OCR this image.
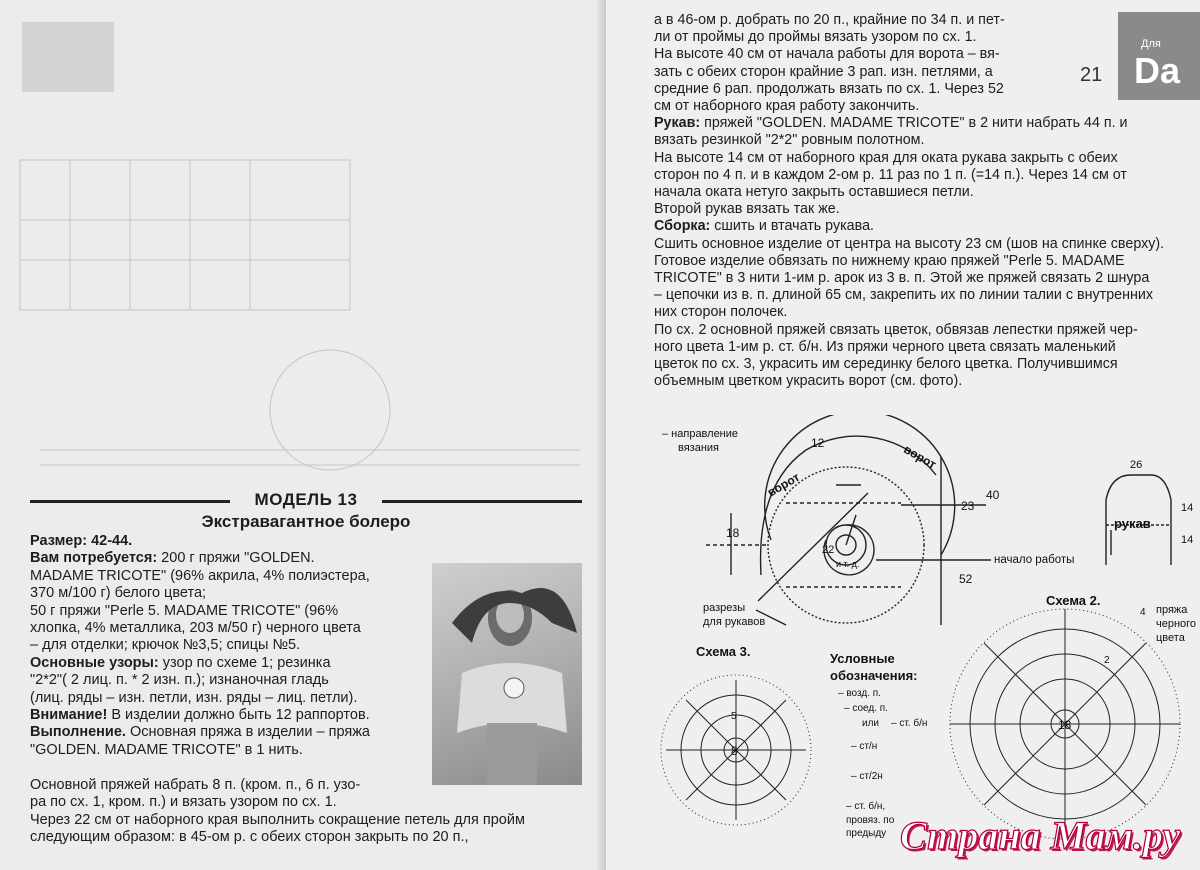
МОДЕЛЬ 13
Экстравагантное болеро

Размер: 42-44.

Вам потребуется: 200 г пряжи "GOLDEN.

MADAME TRICOTE" (96% акрила, 4% полиэстера,

370 м/100 г) белого цвета;

50 г пряжи "Perle 5. MADAME TRICOTE" (96%

хлопка, 4% металлика, 203 м/50 г) черного цвета

– для отделки; крючок №3,5; спицы №5.

Основные узоры: узор по схеме 1; резинка

"2*2"( 2 лиц. п. * 2 изн. п.); изнаночная гладь

(лиц. ряды – изн. петли, изн. ряды – лиц. петли).

Внимание! В изделии должно быть 12 раппортов.

Выполнение. Основная пряжа в изделии – пряжа

"GOLDEN. MADAME TRICOTE" в 1 нить.

Основной пряжей набрать 8 п. (кром. п., 6 п. узо-

ра по сх. 1, кром. п.) и вязать узором по сх. 1.

Через 22 см от наборного края выполнить сокращение петель для пройм

следующим образом: в 45-ом р. с обеих сторон закрыть по 20 п.,

а в 46-ом р. добрать по 20 п., крайние по 34 п. и пет-

ли от проймы до проймы вязать узором по сх. 1.

На высоте 40 см от начала работы для ворота – вя-

зать с обеих сторон крайние 3 рап. изн. петлями, а

средние 6 рап. продолжать вязать по сх. 1. Через 52

см от наборного края работу закончить.

Рукав: пряжей "GOLDEN. MADAME TRICOTE" в 2 нити набрать 44 п. и

вязать резинкой "2*2" ровным полотном.

На высоте 14 см от наборного края для оката рукава закрыть с обеих

сторон по 4 п. и в каждом 2-ом р. 11 раз по 1 п. (=14 п.). Через 14 см от

начала оката нетуго закрыть оставшиеся петли.

Второй рукав вязать так же.

Сборка: сшить и втачать рукава.

Сшить основное изделие от центра на высоту 23 см (шов на спинке сверху).

Готовое изделие обвязать по нижнему краю пряжей "Perle 5. MADAME

TRICOTE" в 3 нити 1-им р. арок из 3 в. п. Этой же пряжей связать 2 шнура

– цепочки из в. п. длиной 65 см, закрепить их по линии талии с внутренних

них сторон полочек.

По сх. 2 основной пряжей связать цветок, обвязав лепестки пряжей чер-

ного цвета 1-им р. ст. б/н. Из пряжи черного цвета связать маленький

цветок по сх. 3, украсить им серединку белого цветка. Получившимся

объемным цветком украсить ворот (см. фото).

21
Для
Da
– направление
вязания	12
40
23
18
22
и т. д.
52
начало работы
разрезы
для рукавов
ворот
ворот	26
рукав
14
14
Схема 3.
8
5
Условные
обозначения:
– возд. п.
– соед. п.
или – ст. б/н
– ст/н
– ст/2н
– ст. б/н,
провяз. по
предыду
Схема 2.
18
пряжа
черного
цвета
4
2
Страна Мам.ру
